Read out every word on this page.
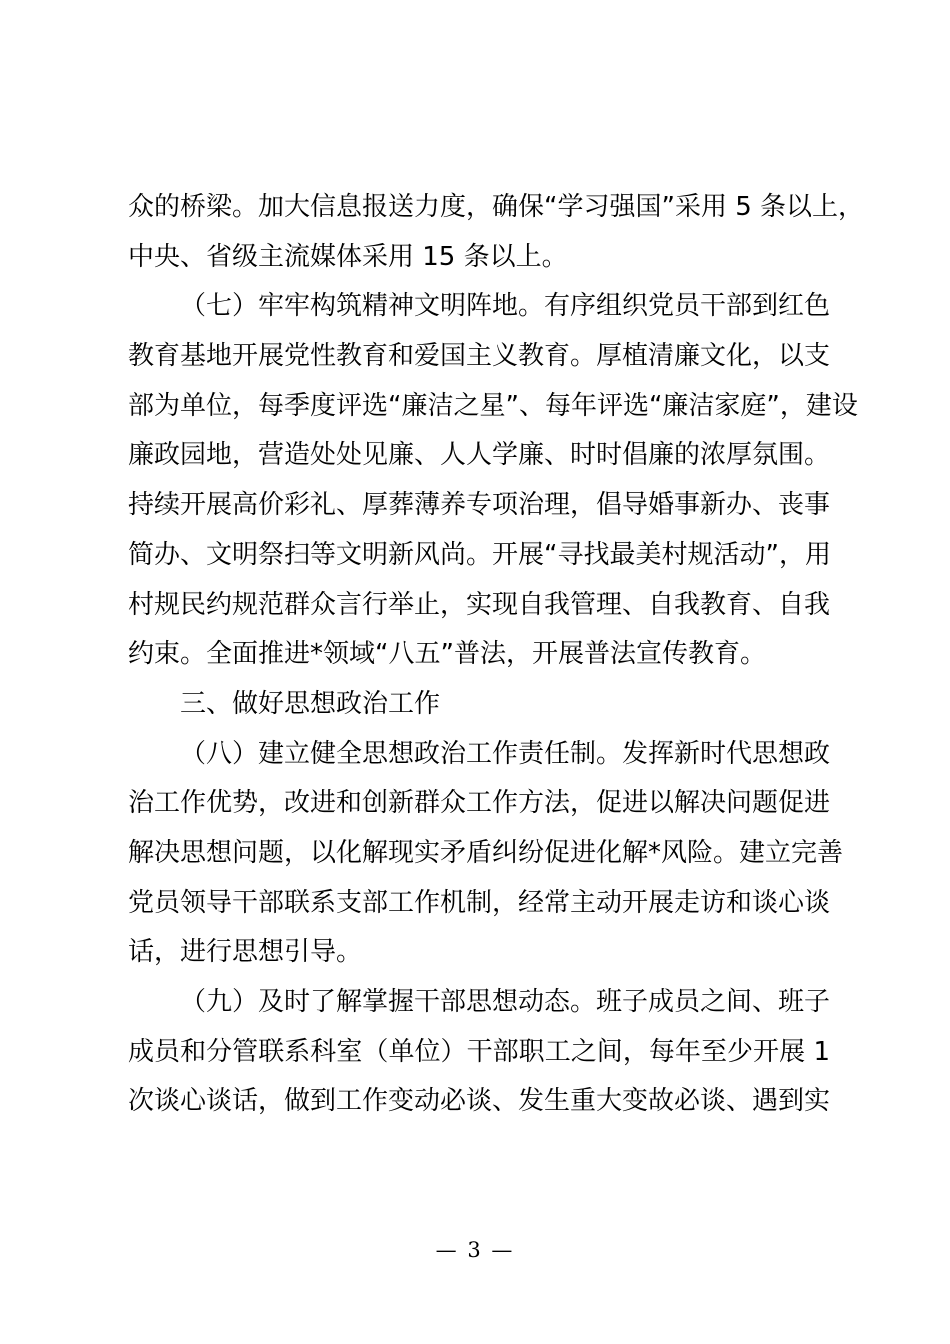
众的桥梁。加大信息报送力度，确保“学习强国”采用 5 条以上，
中央、省级主流媒体采用 15 条以上。
（七）牢牢构筑精神文明阵地。有序组织党员干部到红色
教育基地开展党性教育和爱国主义教育。厚植清廉文化，以支
部为单位，每季度评选“廉洁之星”、每年评选“廉洁家庭”，建设
廉政园地，营造处处见廉、人人学廉、时时倡廉的浓厚氛围。
持续开展高价彩礼、厚葬薄养专项治理，倡导婚事新办、丧事
简办、文明祭扫等文明新风尚。开展“寻找最美村规活动”，用
村规民约规范群众言行举止，实现自我管理、自我教育、自我
约束。全面推进*领域“八五”普法，开展普法宣传教育。
三、做好思想政治工作
（八）建立健全思想政治工作责任制。发挥新时代思想政
治工作优势，改进和创新群众工作方法，促进以解决问题促进
解决思想问题，以化解现实矛盾纠纷促进化解*风险。建立完善
党员领导干部联系支部工作机制，经常主动开展走访和谈心谈
话，进行思想引导。
（九）及时了解掌握干部思想动态。班子成员之间、班子
成员和分管联系科室（单位）干部职工之间，每年至少开展 1
次谈心谈话，做到工作变动必谈、发生重大变故必谈、遇到实
— 3 —
